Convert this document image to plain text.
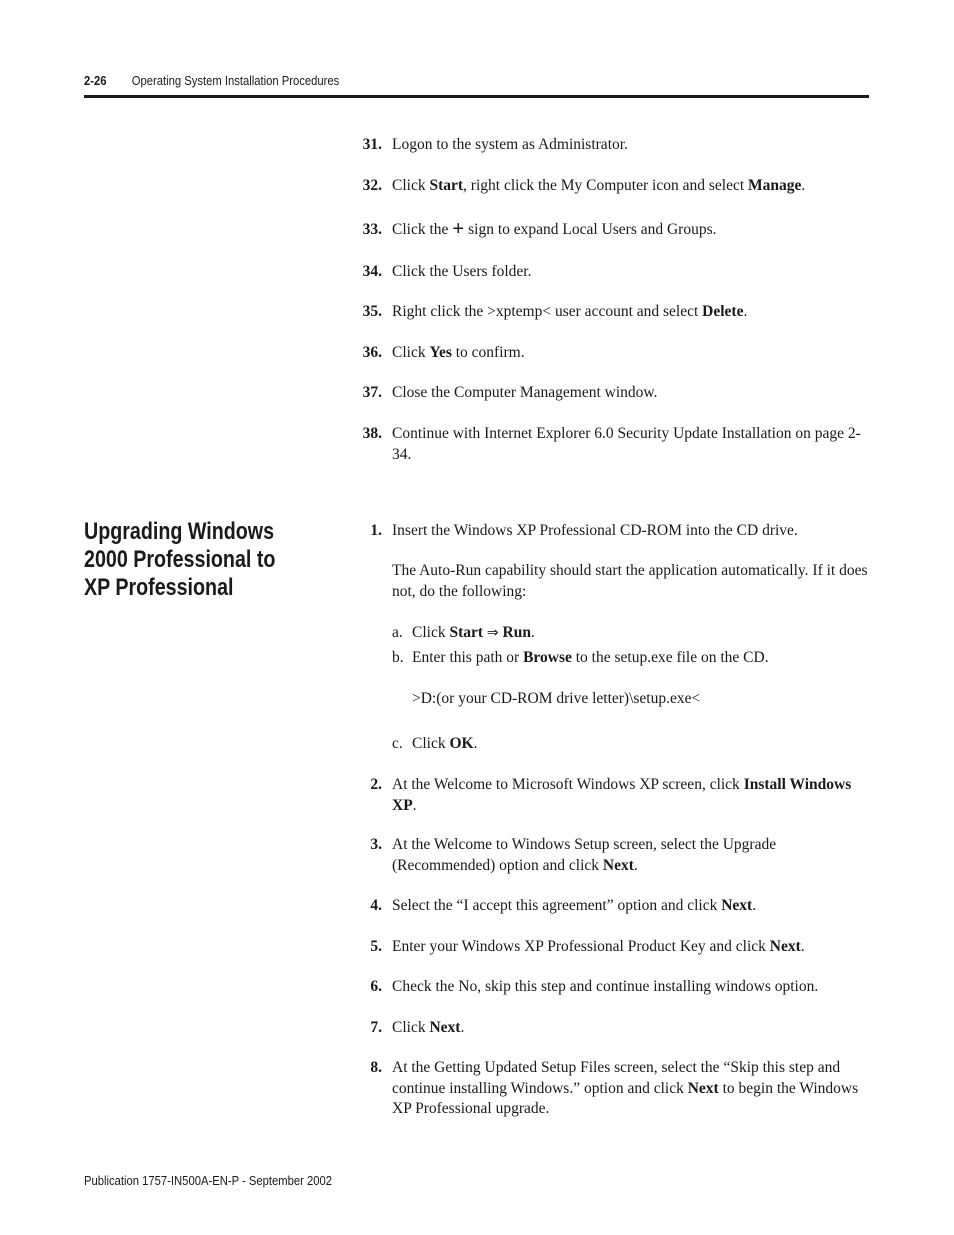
2-26 Operating System Installation Procedures
31. Logon to the system as Administrator.
32. Click Start, right click the My Computer icon and select Manage.
33. Click the + sign to expand Local Users and Groups.
34. Click the Users folder.
35. Right click the >xptemp< user account and select Delete.
36. Click Yes to confirm.
37. Close the Computer Management window.
38. Continue with Internet Explorer 6.0 Security Update Installation on page 2-34.
Upgrading Windows 2000 Professional to XP Professional
1. Insert the Windows XP Professional CD-ROM into the CD drive.
The Auto-Run capability should start the application automatically. If it does not, do the following:
a. Click Start ⇒ Run.
b. Enter this path or Browse to the setup.exe file on the CD.
>D:(or your CD-ROM drive letter)\setup.exe<
c. Click OK.
2. At the Welcome to Microsoft Windows XP screen, click Install Windows XP.
3. At the Welcome to Windows Setup screen, select the Upgrade (Recommended) option and click Next.
4. Select the “I accept this agreement” option and click Next.
5. Enter your Windows XP Professional Product Key and click Next.
6. Check the No, skip this step and continue installing windows option.
7. Click Next.
8. At the Getting Updated Setup Files screen, select the “Skip this step and continue installing Windows.” option and click Next to begin the Windows XP Professional upgrade.
Publication 1757-IN500A-EN-P - September 2002
